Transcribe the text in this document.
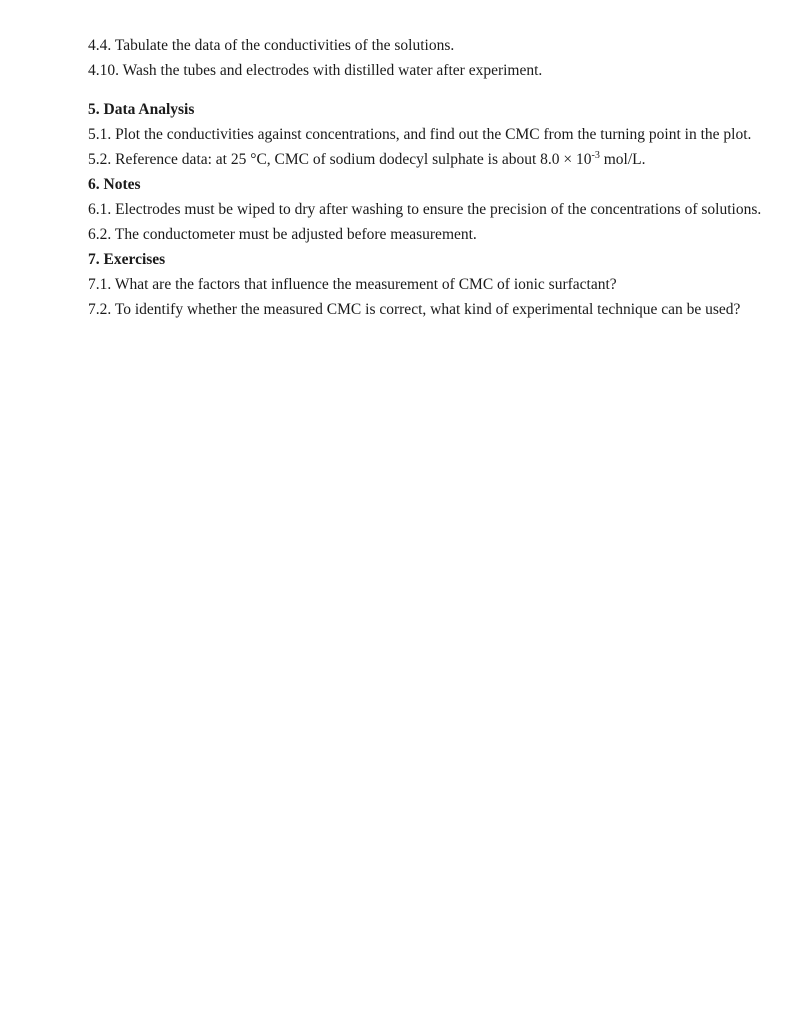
4.4. Tabulate the data of the conductivities of the solutions.

4.10. Wash the tubes and electrodes with distilled water after experiment.

5. Data Analysis

5.1. Plot the conductivities against concentrations, and find out the CMC from the turning point in the plot.

5.2. Reference data: at 25 °C, CMC of sodium dodecyl sulphate is about $8.0 \times 10^{-3}$ mol/L.

6. Notes

6.1. Electrodes must be wiped to dry after washing to ensure the precision of the concentrations of solutions.

6.2. The conductometer must be adjusted before measurement.

7. Exercises

7.1. What are the factors that influence the measurement of CMC of ionic surfactant?

7.2. To identify whether the measured CMC is correct, what kind of experimental technique can be used?
